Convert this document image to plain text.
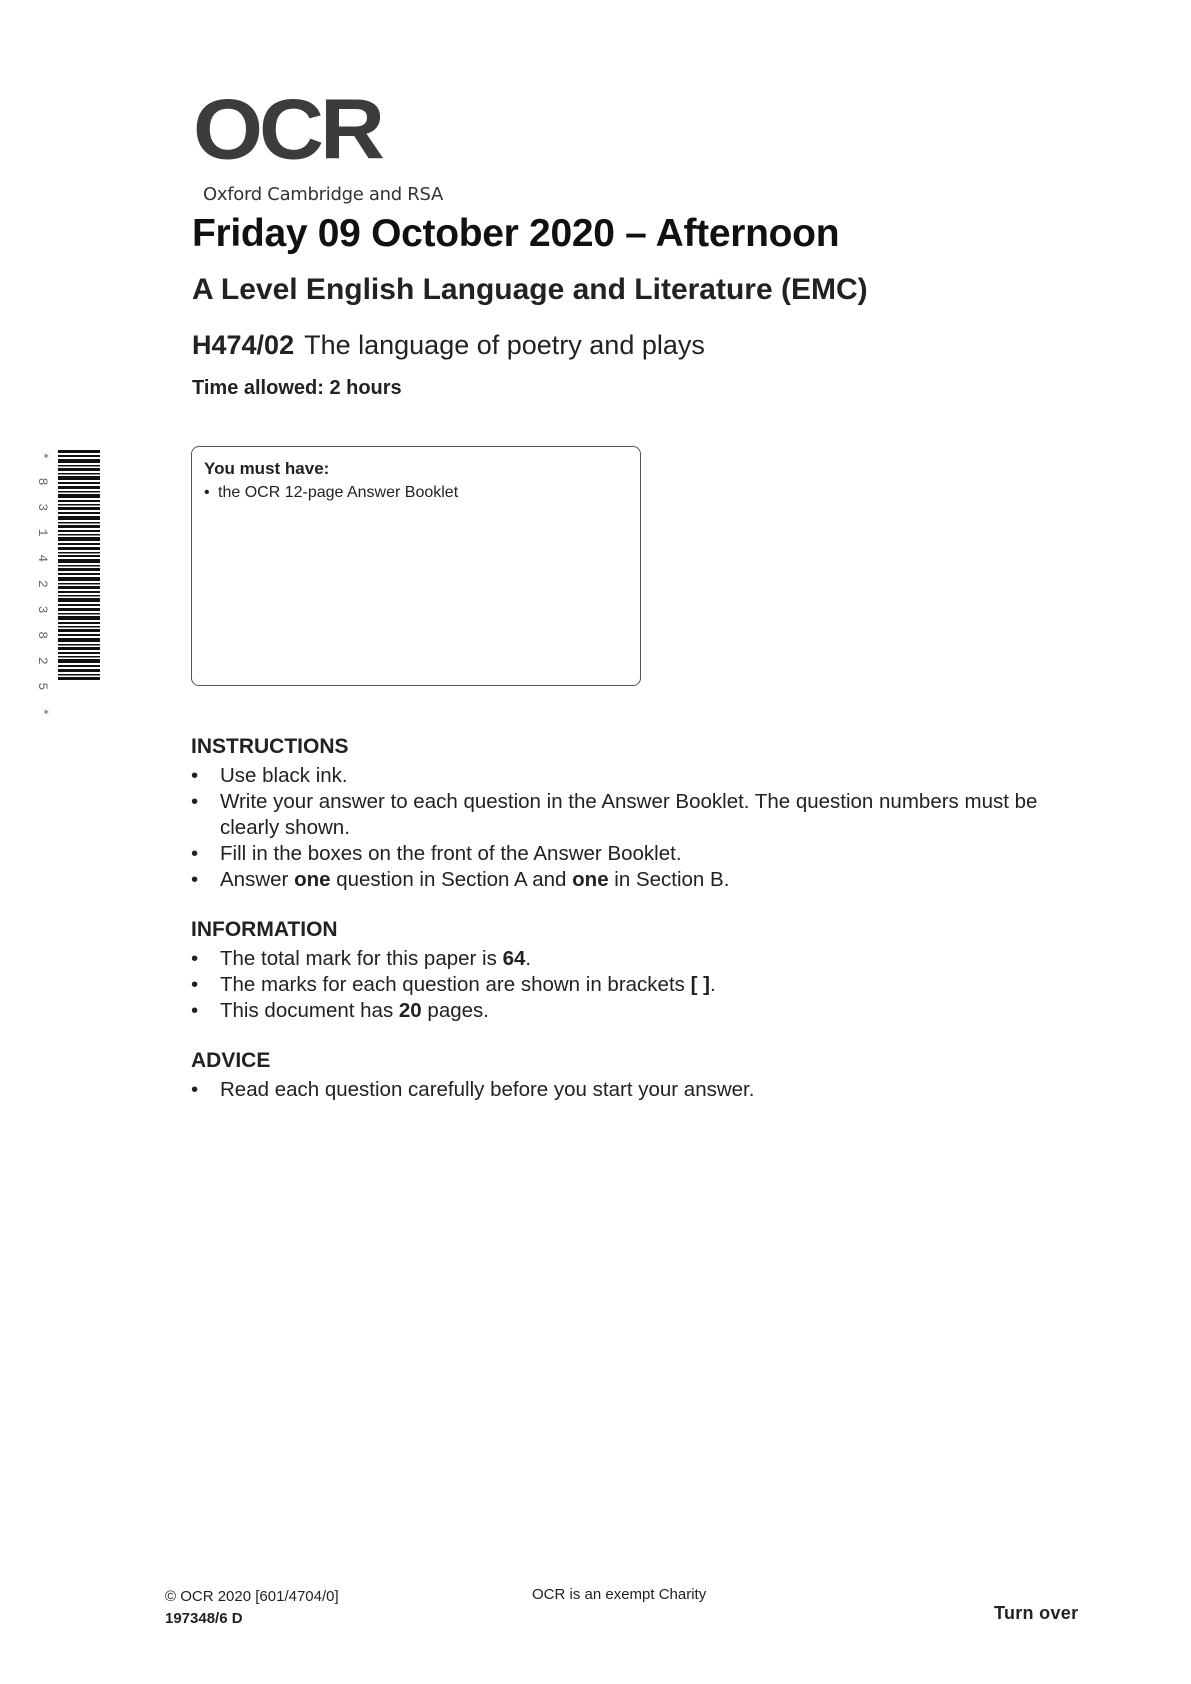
OCR
Oxford Cambridge and RSA
Friday 09 October 2020 – Afternoon
A Level English Language and Literature (EMC)
H474/02 The language of poetry and plays
Time allowed: 2 hours
* 8 3 1 4 2 3 8 2 5 *	You must have:
• the OCR 12-page Answer Booklet
INSTRUCTIONS
•	Use black ink.
•	Write your answer to each question in the Answer Booklet. The question numbers must be clearly shown.
•	Fill in the boxes on the front of the Answer Booklet.
•	Answer one question in Section A and one in Section B.
INFORMATION
•	The total mark for this paper is 64.
•	The marks for each question are shown in brackets [ ].
•	This document has 20 pages.
ADVICE
•	Read each question carefully before you start your answer.
© OCR 2020 [601/4704/0]
197348/6 D
OCR is an exempt Charity
Turn over
